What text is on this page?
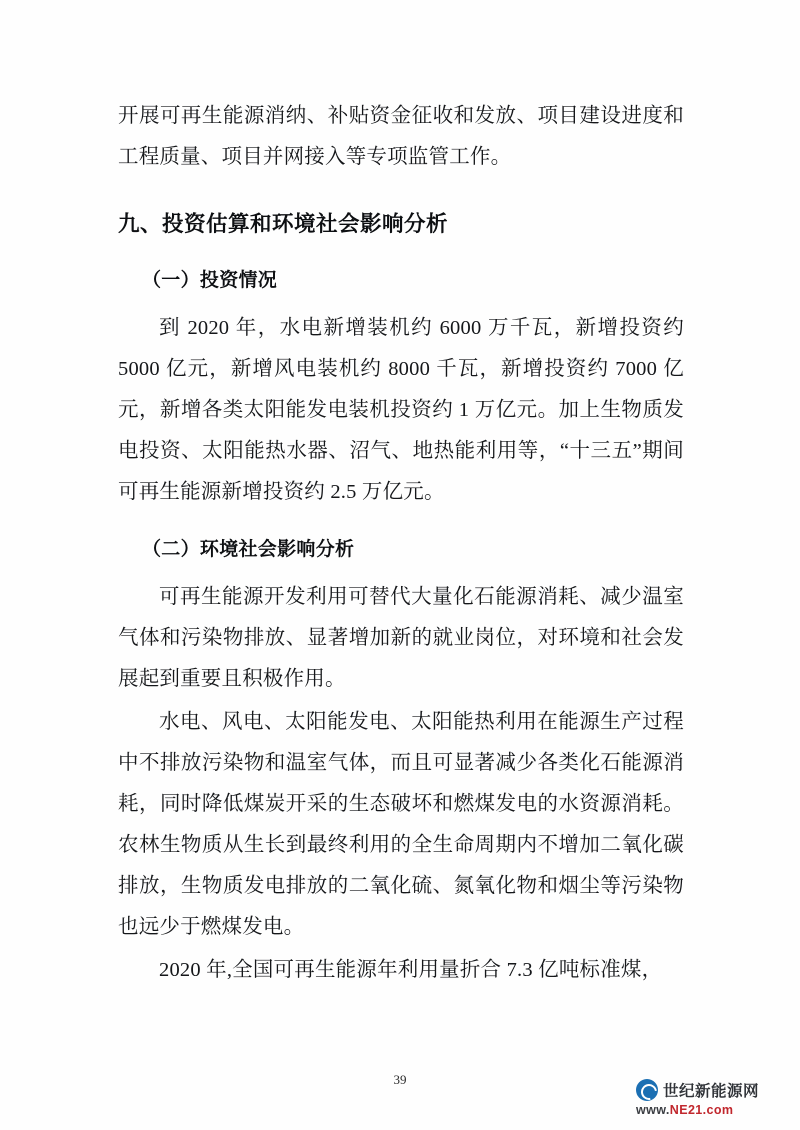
开展可再生能源消纳、补贴资金征收和发放、项目建设进度和工程质量、项目并网接入等专项监管工作。

九、投资估算和环境社会影响分析
（一）投资情况

到 2020 年，水电新增装机约 6000 万千瓦，新增投资约 5000 亿元，新增风电装机约 8000 千瓦，新增投资约 7000 亿元，新增各类太阳能发电装机投资约 1 万亿元。加上生物质发电投资、太阳能热水器、沼气、地热能利用等，“十三五”期间可再生能源新增投资约 2.5 万亿元。

（二）环境社会影响分析

可再生能源开发利用可替代大量化石能源消耗、减少温室气体和污染物排放、显著增加新的就业岗位，对环境和社会发展起到重要且积极作用。

水电、风电、太阳能发电、太阳能热利用在能源生产过程中不排放污染物和温室气体，而且可显著减少各类化石能源消耗，同时降低煤炭开采的生态破坏和燃煤发电的水资源消耗。农林生物质从生长到最终利用的全生命周期内不增加二氧化碳排放，生物质发电排放的二氧化硫、氮氧化物和烟尘等污染物也远少于燃煤发电。

2020 年,全国可再生能源年利用量折合 7.3 亿吨标准煤，

39
世纪新能源网
www.NE21.com
